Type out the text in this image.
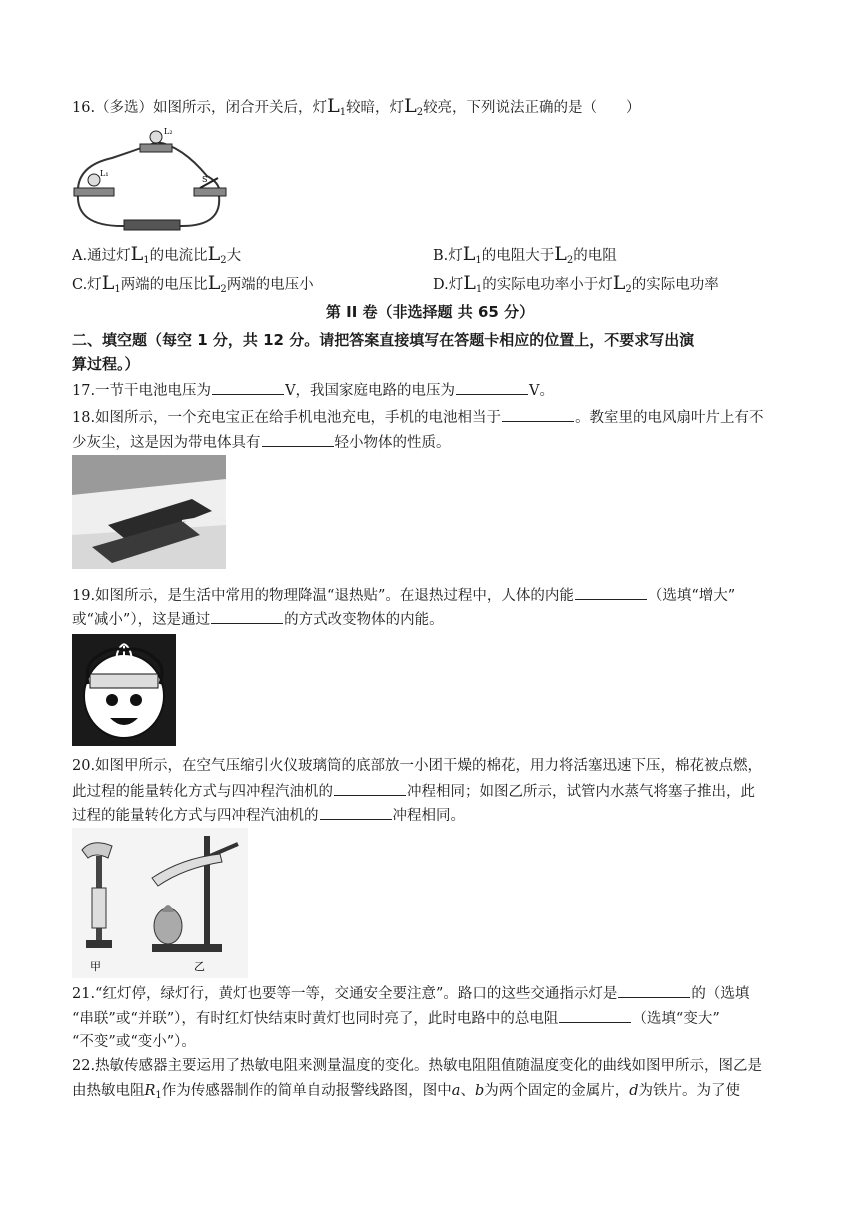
16.（多选）如图所示，闭合开关后，灯$L_1$较暗，灯$L_2$较亮，下列说法正确的是（　　）
L₁
L₂
S
A.通过灯$L_1$的电流比$L_2$大	B.灯$L_1$的电阻大于$L_2$的电阻
C.灯$L_1$两端的电压比$L_2$两端的电压小	D.灯$L_1$的实际电功率小于灯$L_2$的实际电功率
第 II 卷（非选择题 共 65 分）
二、填空题（每空 1 分，共 12 分。请把答案直接填写在答题卡相应的位置上，不要求写出演
算过程。）
17.一节干电池电压为	V，我国家庭电路的电压为	V。
18.如图所示，一个充电宝正在给手机电池充电，手机的电池相当于	。教室里的电风扇叶片上有不
少灰尘，这是因为带电体具有	轻小物体的性质。
19.如图所示，是生活中常用的物理降温“退热贴”。在退热过程中，人体的内能	（选填“增大”
或“减小”），这是通过	的方式改变物体的内能。
20.如图甲所示，在空气压缩引火仪玻璃筒的底部放一小团干燥的棉花，用力将活塞迅速下压，棉花被点燃，
此过程的能量转化方式与四冲程汽油机的	冲程相同；如图乙所示，试管内水蒸气将塞子推出，此
过程的能量转化方式与四冲程汽油机的	冲程相同。
甲	乙
21.“红灯停，绿灯行，黄灯也要等一等，交通安全要注意”。路口的这些交通指示灯是	的（选填
“串联”或“并联”），有时红灯快结束时黄灯也同时亮了，此时电路中的总电阻	（选填“变大”
“不变”或“变小”）。
22.热敏传感器主要运用了热敏电阻来测量温度的变化。热敏电阻阻值随温度变化的曲线如图甲所示，图乙是
由热敏电阻$R_1$作为传感器制作的简单自动报警线路图，图中a、b为两个固定的金属片，d为铁片。为了使
